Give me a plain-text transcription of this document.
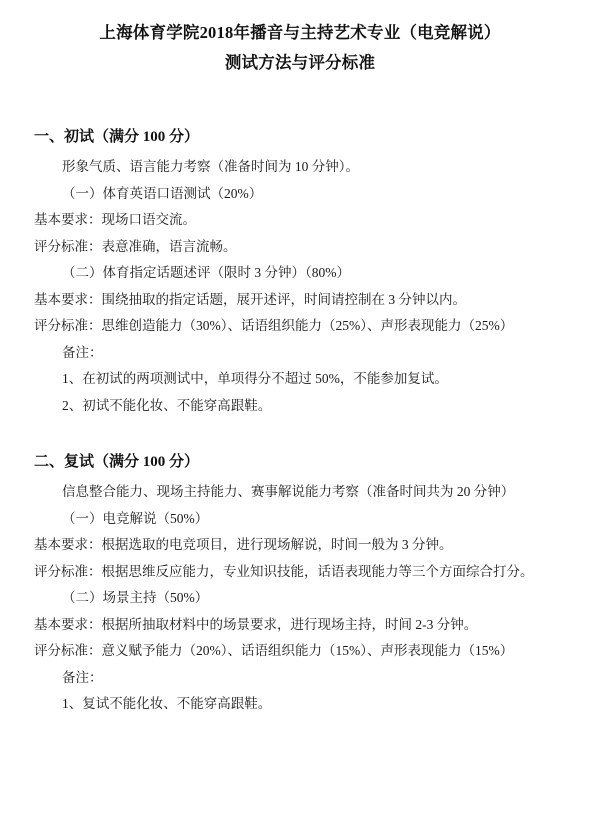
上海体育学院2018年播音与主持艺术专业（电竞解说）
测试方法与评分标准
一、初试（满分 100 分）

形象气质、语言能力考察（准备时间为 10 分钟）。

（一）体育英语口语测试（20%）

基本要求：现场口语交流。

评分标准：表意准确，语言流畅。

（二）体育指定话题述评（限时 3 分钟）（80%）

基本要求：围绕抽取的指定话题，展开述评，时间请控制在 3 分钟以内。

评分标准：思维创造能力（30%）、话语组织能力（25%）、声形表现能力（25%）

备注：

1、在初试的两项测试中，单项得分不超过 50%，不能参加复试。

2、初试不能化妆、不能穿高跟鞋。

二、复试（满分 100 分）

信息整合能力、现场主持能力、赛事解说能力考察（准备时间共为 20 分钟）

（一）电竞解说（50%）

基本要求：根据选取的电竞项目，进行现场解说，时间一般为 3 分钟。

评分标准：根据思维反应能力，专业知识技能，话语表现能力等三个方面综合打分。

（二）场景主持（50%）

基本要求：根据所抽取材料中的场景要求，进行现场主持，时间 2-3 分钟。

评分标准：意义赋予能力（20%）、话语组织能力（15%）、声形表现能力（15%）

备注：

1、复试不能化妆、不能穿高跟鞋。
